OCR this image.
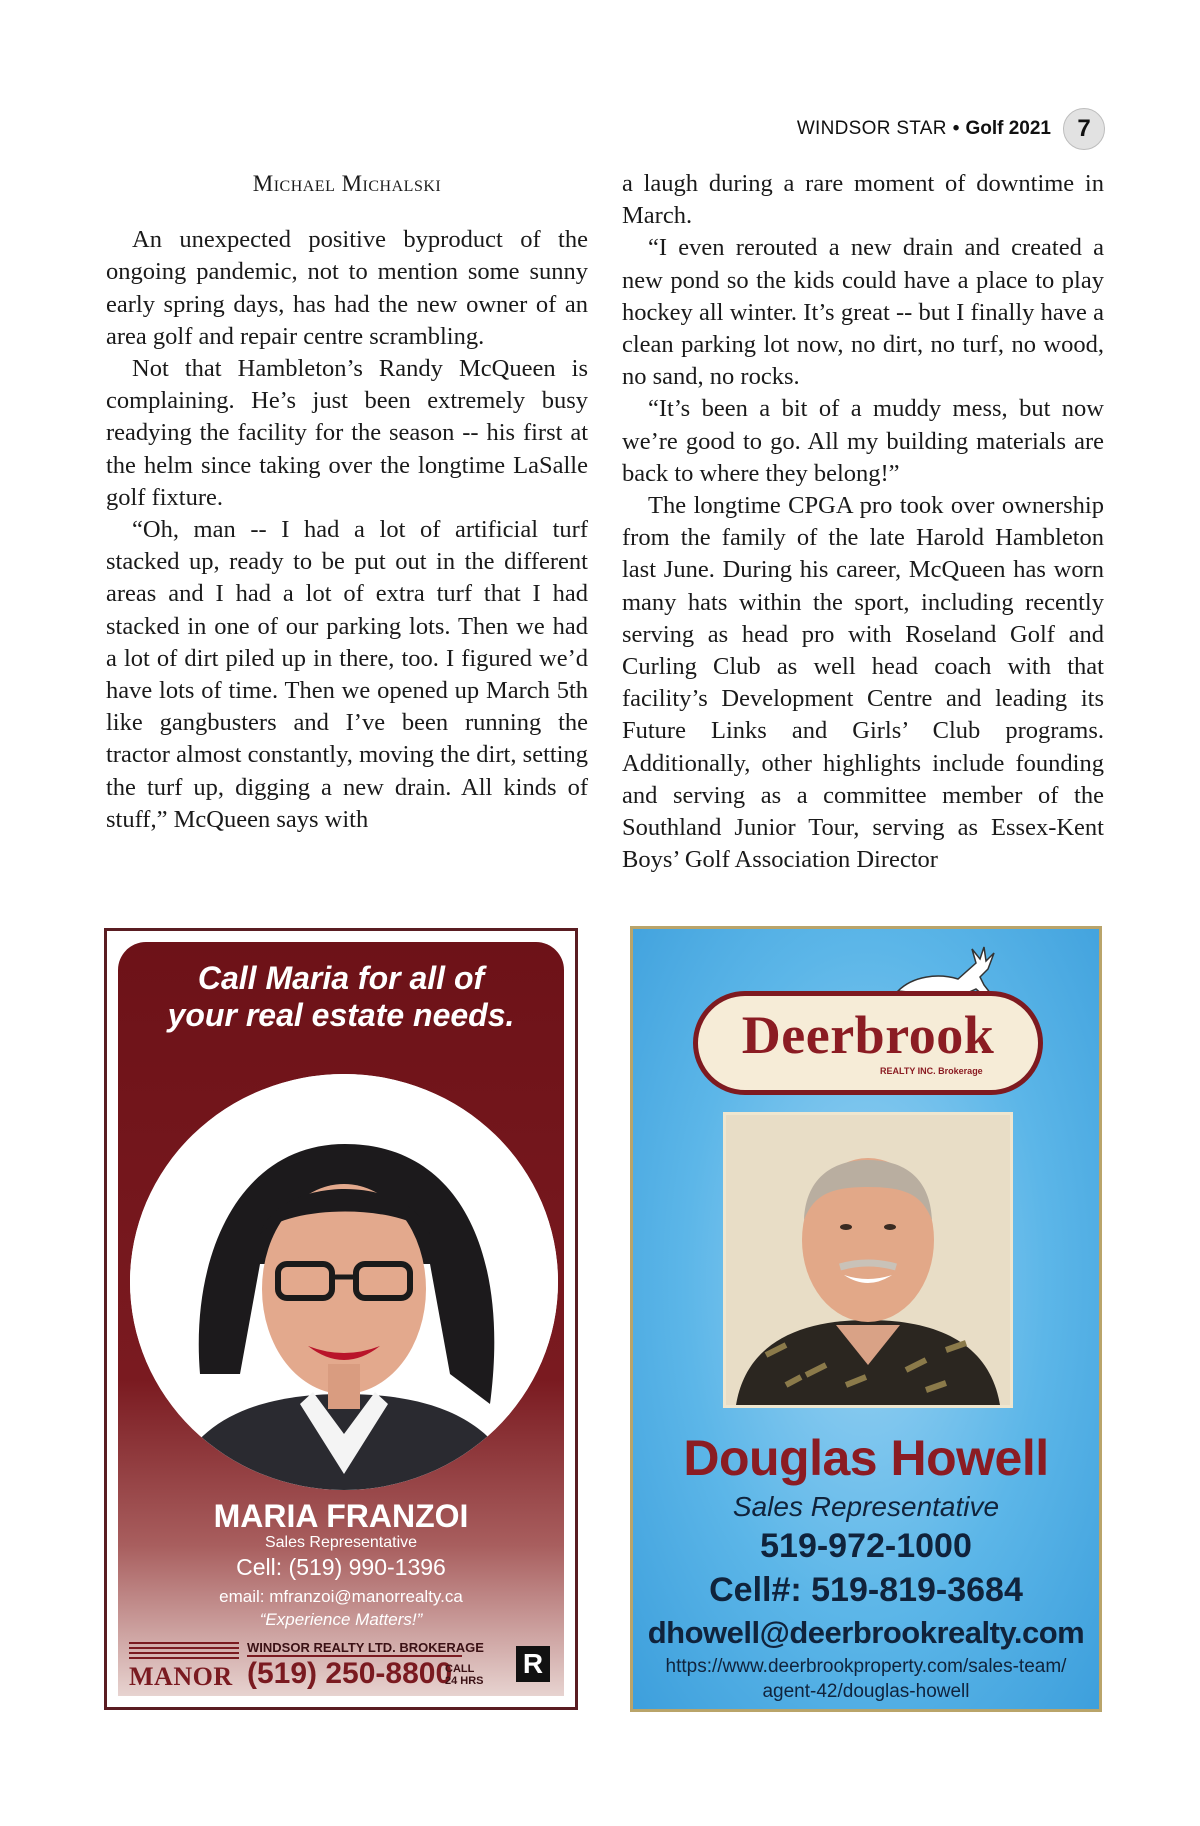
WINDSOR STAR • Golf 2021	7
Michael Michalski

An unexpected positive byproduct of the ongoing pandemic, not to mention some sunny early spring days, has had the new owner of an area golf and repair centre scrambling.

Not that Hambleton’s Randy McQueen is complaining. He’s just been extremely busy readying the facility for the season -- his first at the helm since taking over the longtime LaSalle golf fixture.

“Oh, man -- I had a lot of artificial turf stacked up, ready to be put out in the different areas and I had a lot of extra turf that I had stacked in one of our parking lots. Then we had a lot of dirt piled up in there, too. I figured we’d have lots of time. Then we opened up March 5th like gangbusters and I’ve been running the tractor almost constantly, moving the dirt, setting the turf up, digging a new drain. All kinds of stuff,” McQueen says with

a laugh during a rare moment of downtime in March.

“I even rerouted a new drain and created a new pond so the kids could have a place to play hockey all winter. It’s great -- but I finally have a clean parking lot now, no dirt, no turf, no wood, no sand, no rocks.

“It’s been a bit of a muddy mess, but now we’re good to go. All my building materials are back to where they belong!”

The longtime CPGA pro took over ownership from the family of the late Harold Hambleton last June. During his career, McQueen has worn many hats within the sport, including recently serving as head pro with Roseland Golf and Curling Club as well head coach with that facility’s Development Centre and leading its Future Links and Girls’ Club programs. Additionally, other highlights include founding and serving as a committee member of the Southland Junior Tour, serving as Essex-Kent Boys’ Golf Association Director

Call Maria for all of
your real estate needs.
MARIA FRANZOI
Sales Representative
Cell: (519) 990-1396
email: mfranzoi@manorrealty.ca
“Experience Matters!”
MANOR
WINDSOR REALTY LTD. BROKERAGE
(519) 250-8800
CALL
24 HRS
R
Deerbrook
REALTY INC. Brokerage
Douglas Howell
Sales Representative
519-972-1000
Cell#: 519-819-3684
dhowell@deerbrookrealty.com
https://www.deerbrookproperty.com/sales-team/
agent-42/douglas-howell
